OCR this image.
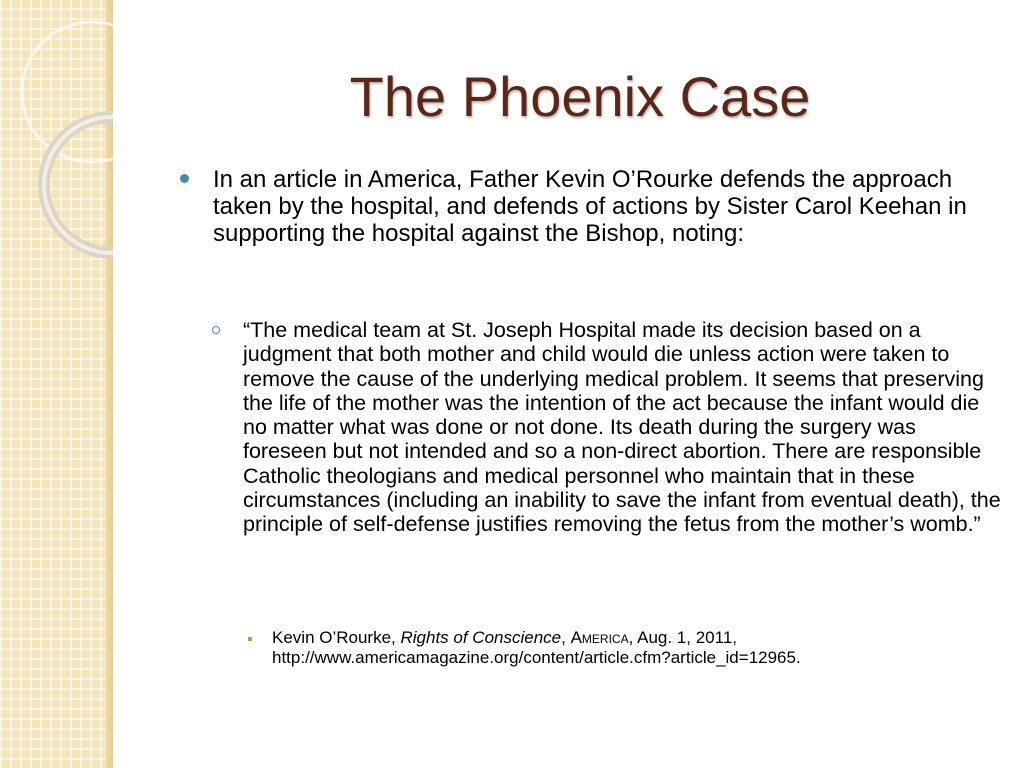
The Phoenix Case
In an article in America, Father Kevin O’Rourke defends the approach taken by the hospital, and defends of actions by Sister Carol Keehan in supporting the hospital against the Bishop, noting:
“The medical team at St. Joseph Hospital made its decision based on a judgment that both mother and child would die unless action were taken to remove the cause of the underlying medical problem. It seems that preserving the life of the mother was the intention of the act because the infant would die no matter what was done or not done. Its death during the surgery was foreseen but not intended and so a non-direct abortion. There are responsible Catholic theologians and medical personnel who maintain that in these circumstances (including an inability to save the infant from eventual death), the principle of self-defense justifies removing the fetus from the mother’s womb.”
Kevin O’Rourke, Rights of Conscience, America, Aug. 1, 2011,
http://www.americamagazine.org/content/article.cfm?article_id=12965.
